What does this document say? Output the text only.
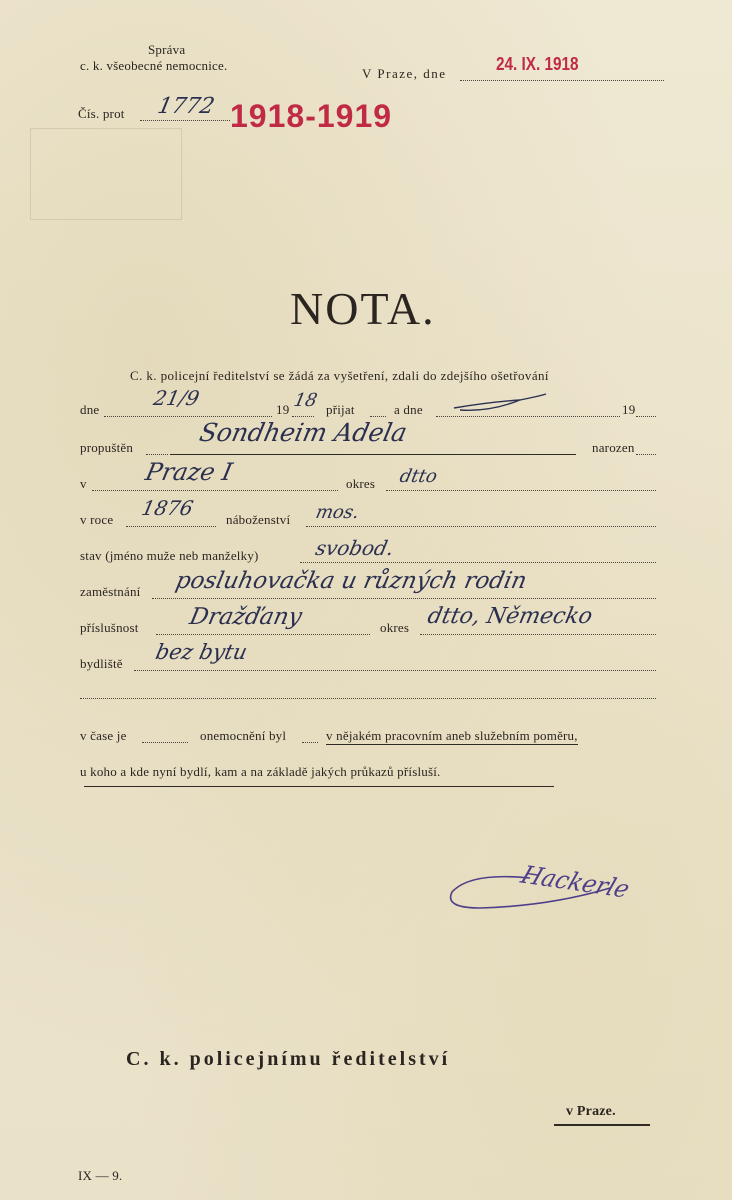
Správa
c. k. všeobecné nemocnice.
V Praze, dne	24. IX. 1918
Čís. prot 1772 1918-1919
NOTA.
C. k. policejní ředitelství se žádá za vyšetření, zdali do zdejšího ošetřování
dne	21/9	19 18 přijat	a dne	19
propuštěn
Sondheim Adela
narozen
v Praze I	okres dtto
v roce 1876 náboženství mos.
stav (jméno muže neb manželky)	svobod.
zaměstnání posluhovačka u různých rodin
příslušnost Dražďany	okres dtto, Německo
bydliště bez bytu
v čase je	onemocnění byl	v nějakém pracovním aneb služebním poměru,
u koho a kde nyní bydlí, kam a na základě jakých průkazů přísluší.
Hackerle
C. k. policejnímu ředitelství
v Praze.
IX — 9.
